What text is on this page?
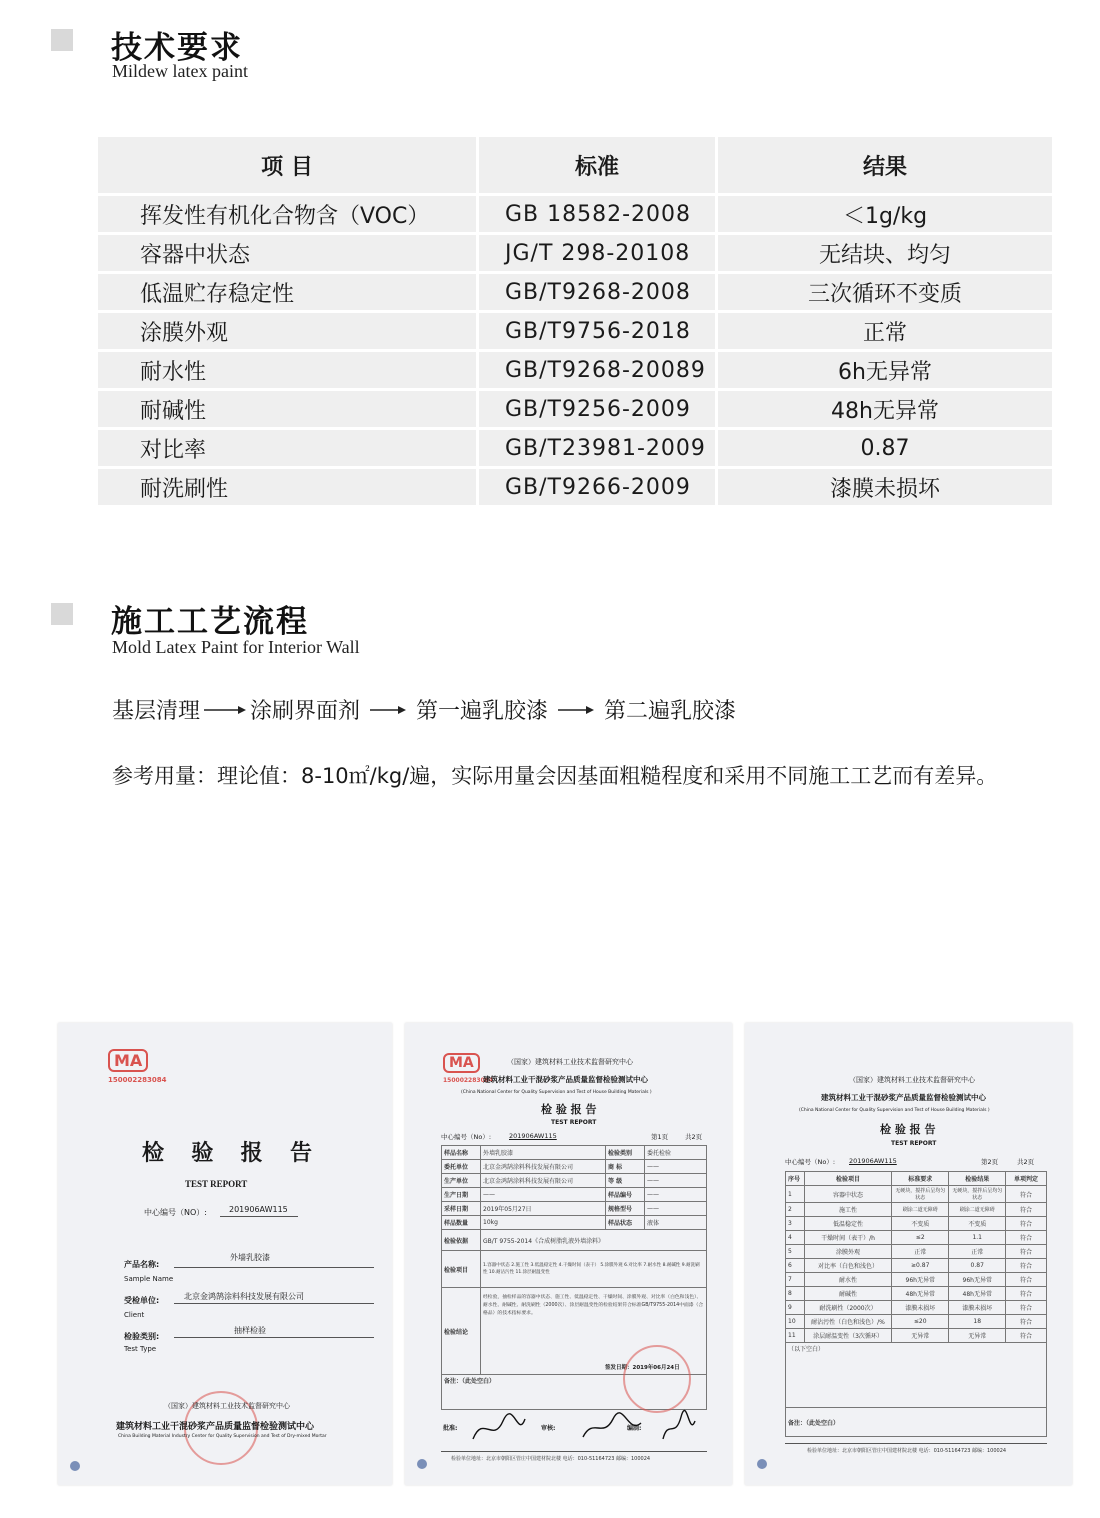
技术要求
Mildew latex paint
项 目	标准	结果
挥发性有机化合物含（VOC）	GB 18582-2008	＜1g/kg
容器中状态	JG/T 298-20108	无结块、均匀
低温贮存稳定性	GB/T9268-2008	三次循环不变质
涂膜外观	GB/T9756-2018	正常
耐水性	GB/T9268-20089	6h无异常
耐碱性	GB/T9256-2009	48h无异常
对比率	GB/T23981-2009	0.87
耐洗刷性	GB/T9266-2009	漆膜未损坏
施工工艺流程
Mold Latex Paint for Interior Wall
基层清理 涂刷界面剂	第一遍乳胶漆	第二遍乳胶漆
参考用量：理论值：8-10㎡/kg/遍，实际用量会因基面粗糙程度和采用不同施工工艺而有差异。
MA
150002283084
检  验  报  告
TEST REPORT
中心编号（NO）:	201906AW115
产品名称:
Sample Name
外墙乳胶漆
受检单位:
Client
北京金鸿鹄涂料科技发展有限公司
检验类别:
Test Type
抽样检验
（国家）建筑材料工业技术监督研究中心
建筑材料工业干混砂浆产品质量监督检验测试中心
China Building Material Industry Center for Quality Supervision and Test of Dry-mixed Mortar
MA
150002283084
（国家）建筑材料工业技术监督研究中心
建筑材料工业干混砂浆产品质量监督检验测试中心
(China National Center for Quality Supervision and Test of House Building Materials )
检 验 报 告
TEST REPORT
中心编号（No）:	201906AW115	第1页	共2页
样品名称	外墙乳胶漆	检验类别	委托检验
委托单位	北京金鸿鹄涂料科技发展有限公司	商 标	——
生产单位	北京金鸿鹄涂料科技发展有限公司	等 级	——
生产日期	——	样品编号	——
采样日期	2019年05月27日	规格型号	——
样品数量	10kg	样品状态	液体
检验依据	GB/T 9755-2014《合成树脂乳液外墙涂料》		
检验项目	1.容器中状态 2.施工性 3.低温稳定性 4.干燥时间（表干） 5.涂膜外观 6.对比率 7.耐水性 8.耐碱性 9.耐洗刷性 10.耐沾污性 11.涂层耐温变性		
检验结论	经检验，抽检样品的容器中状态、施工性、低温稳定性、干燥时间、涂膜外观、对比率（白色和浅色）、耐水性、耐碱性、耐洗刷性（2000次）、涂层耐温变性的检验结果符合标准GB/T9755-2014中面漆（合格品）的技术指标要求。		
备注：（此处空白）			
签发日期：2019年06月24日
批准:	审核:	编制:
检验单位地址：北京市朝阳区管庄中国建材院北楼 电话：010-51164723 邮编：100024
（国家）建筑材料工业技术监督研究中心
建筑材料工业干混砂浆产品质量监督检验测试中心
(China National Center for Quality Supervision and Test of House Building Materials )
检 验 报 告
TEST REPORT
中心编号（No）: 201906AW115	第2页	共2页
序号	检验项目	标准要求	检验结果	单项判定
1	容器中状态	无硬块，搅拌后呈均匀状态	无硬块，搅拌后呈均匀状态	符合
2	施工性	刷涂二道无障碍	刷涂二道无障碍	符合
3	低温稳定性	不变质	不变质	符合
4	干燥时间（表干）/h	≤2	1.1	符合
5	涂膜外观	正常	正常	符合
6	对比率（白色和浅色）	≥0.87	0.87	符合
7	耐水性	96h无异常	96h无异常	符合
8	耐碱性	48h无异常	48h无异常	符合
9	耐洗刷性（2000次）	漆膜未损坏	漆膜未损坏	符合
10	耐沾污性（白色和浅色）/%	≤20	18	符合
11	涂层耐温变性（3次循环）	无异常	无异常	符合
（以下空白）				
备注：（此处空白）				
检验单位地址：北京市朝阳区管庄中国建材院北楼 电话：010-51164723 邮编：100024
